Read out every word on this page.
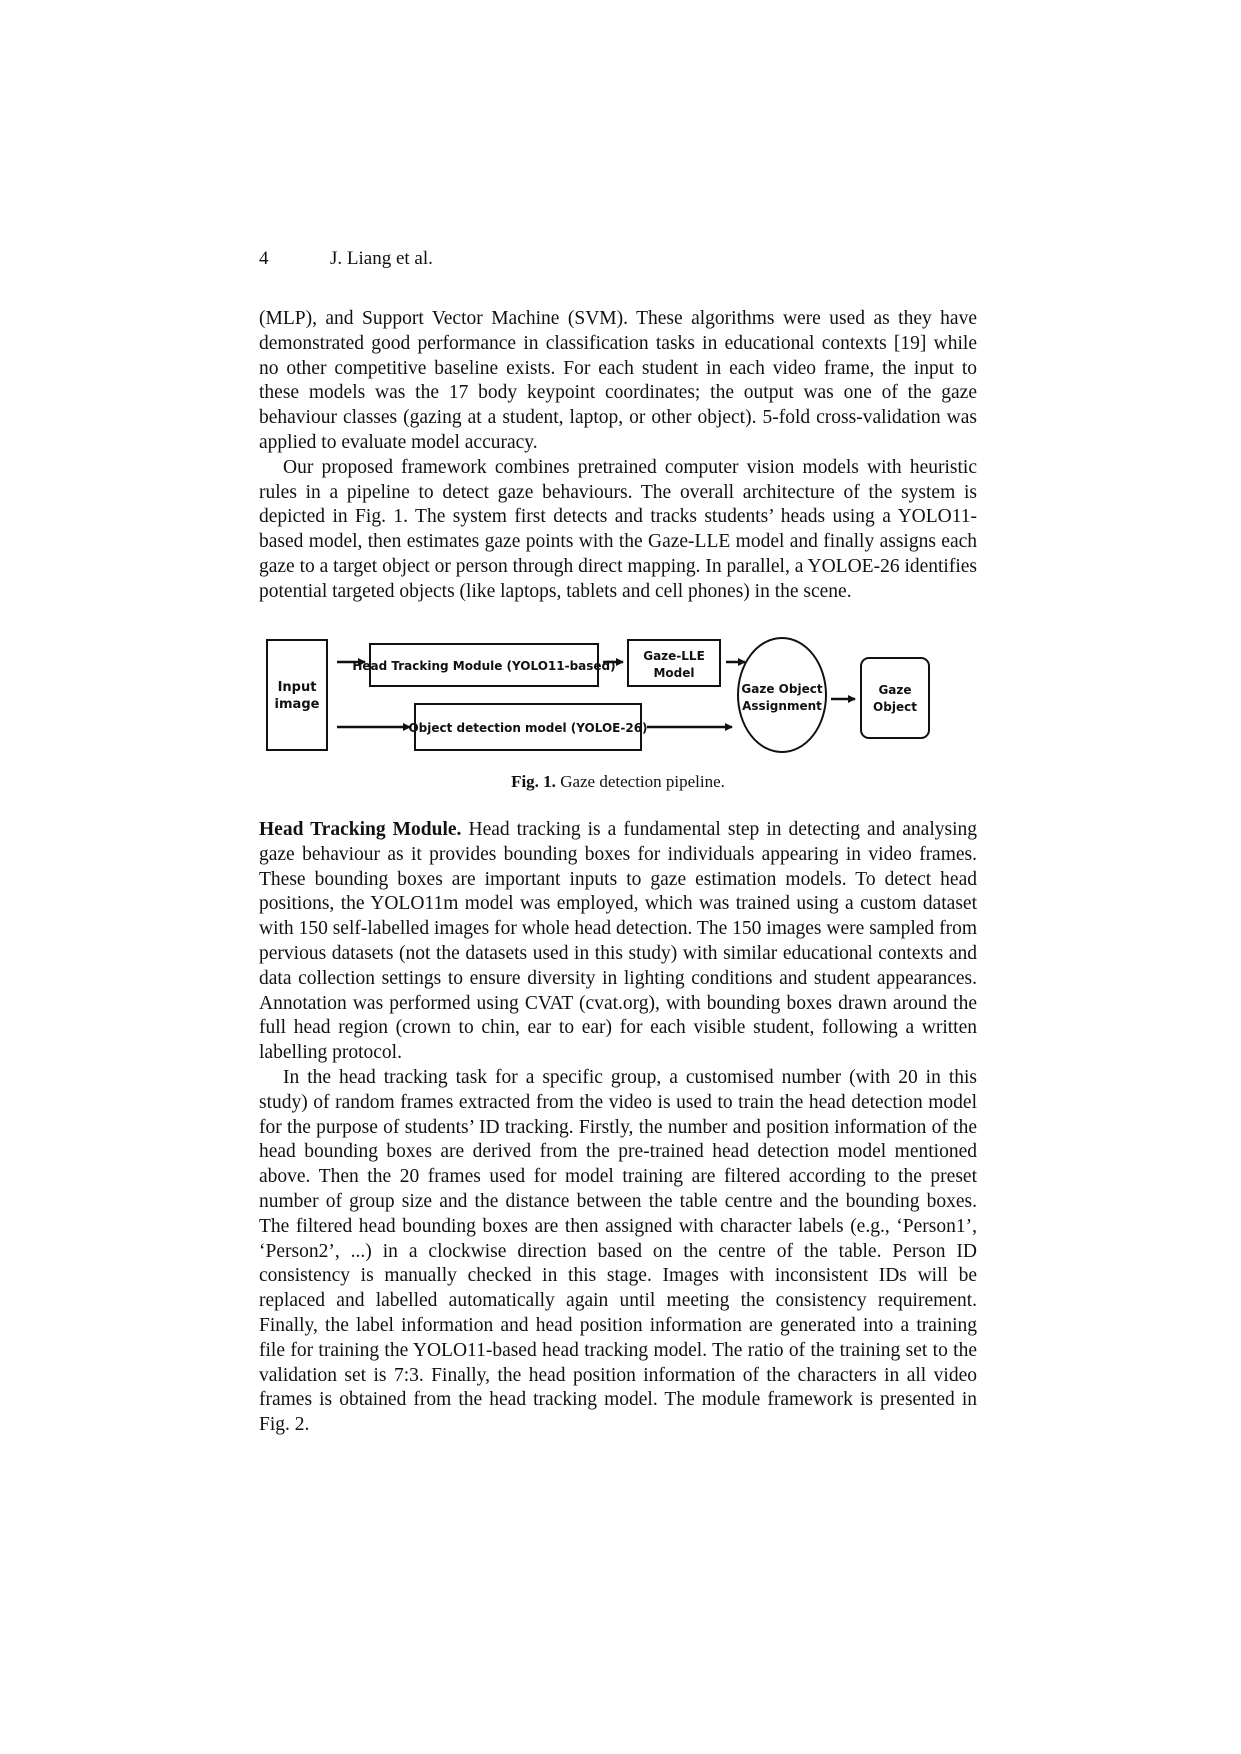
4	J. Liang et al.

(MLP), and Support Vector Machine (SVM). These algorithms were used as they have demonstrated good performance in classification tasks in educational contexts [19] while no other competitive baseline exists. For each student in each video frame, the input to these models was the 17 body keypoint coordinates; the output was one of the gaze behaviour classes (gazing at a student, laptop, or other object). 5-fold cross-validation was applied to evaluate model accuracy.

Our proposed framework combines pretrained computer vision models with heuristic rules in a pipeline to detect gaze behaviours. The overall architecture of the system is depicted in Fig. 1. The system first detects and tracks students’ heads using a YOLO11-based model, then estimates gaze points with the Gaze-LLE model and finally assigns each gaze to a target object or person through direct mapping. In parallel, a YOLOE-26 identifies potential targeted objects (like laptops, tablets and cell phones) in the scene.

Input
image
Head Tracking Module (YOLO11-based)
Gaze-LLE
Model
Object detection model (YOLOE-26)
Gaze Object
Assignment
Gaze
Object
Fig. 1. Gaze detection pipeline.

Head Tracking Module. Head tracking is a fundamental step in detecting and analysing gaze behaviour as it provides bounding boxes for individuals appearing in video frames. These bounding boxes are important inputs to gaze estimation models. To detect head positions, the YOLO11m model was employed, which was trained using a custom dataset with 150 self-labelled images for whole head detection. The 150 images were sampled from pervious datasets (not the datasets used in this study) with similar educational contexts and data collection settings to ensure diversity in lighting conditions and student appearances. Annotation was performed using CVAT (cvat.org), with bounding boxes drawn around the full head region (crown to chin, ear to ear) for each visible student, following a written labelling protocol.

In the head tracking task for a specific group, a customised number (with 20 in this study) of random frames extracted from the video is used to train the head detection model for the purpose of students’ ID tracking. Firstly, the number and position information of the head bounding boxes are derived from the pre-trained head detection model mentioned above. Then the 20 frames used for model training are filtered according to the preset number of group size and the distance between the table centre and the bounding boxes. The filtered head bounding boxes are then assigned with character labels (e.g., ‘Person1’, ‘Person2’, ...) in a clockwise direction based on the centre of the table. Person ID consistency is manually checked in this stage. Images with inconsistent IDs will be replaced and labelled automatically again until meeting the consistency requirement. Finally, the label information and head position information are generated into a training file for training the YOLO11-based head tracking model. The ratio of the training set to the validation set is 7:3. Finally, the head position information of the characters in all video frames is obtained from the head tracking model. The module framework is presented in Fig. 2.
